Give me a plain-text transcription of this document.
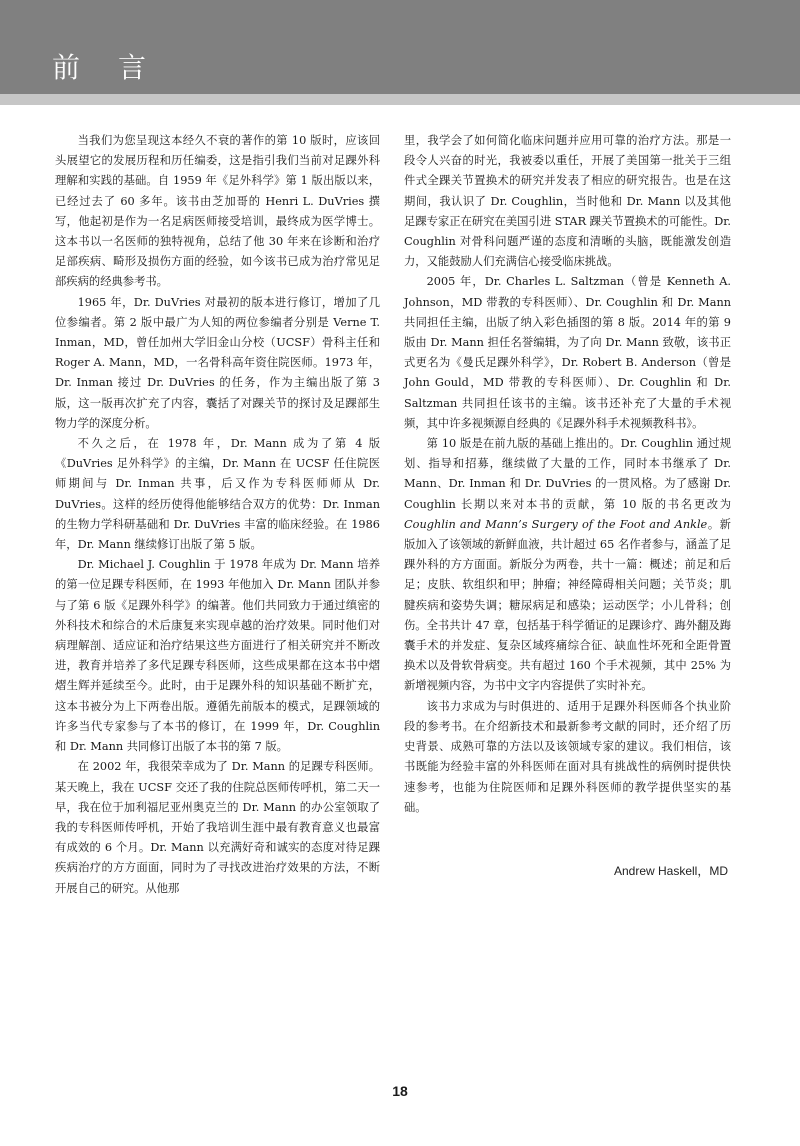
前言

当我们为您呈现这本经久不衰的著作的第 10 版时，应该回头展望它的发展历程和历任编委，这是指引我们当前对足踝外科理解和实践的基础。自 1959 年《足外科学》第 1 版出版以来，已经过去了 60 多年。该书由芝加哥的 Henri L. DuVries 撰写，他起初是作为一名足病医师接受培训，最终成为医学博士。这本书以一名医师的独特视角，总结了他 30 年来在诊断和治疗足部疾病、畸形及损伤方面的经验，如今该书已成为治疗常见足部疾病的经典参考书。

1965 年，Dr. DuVries 对最初的版本进行修订，增加了几位参编者。第 2 版中最广为人知的两位参编者分别是 Verne T. Inman，MD，曾任加州大学旧金山分校（UCSF）骨科主任和 Roger A. Mann，MD，一名骨科高年资住院医师。1973 年，Dr. Inman 接过 Dr. DuVries 的任务，作为主编出版了第 3 版，这一版再次扩充了内容，囊括了对踝关节的探讨及足踝部生物力学的深度分析。

不久之后，在 1978 年，Dr. Mann 成为了第 4 版《DuVries 足外科学》的主编，Dr. Mann 在 UCSF 任住院医师期间与 Dr. Inman 共事，后又作为专科医师师从 Dr. DuVries。这样的经历使得他能够结合双方的优势：Dr. Inman 的生物力学科研基础和 Dr. DuVries 丰富的临床经验。在 1986 年，Dr. Mann 继续修订出版了第 5 版。

Dr. Michael J. Coughlin 于 1978 年成为 Dr. Mann 培养的第一位足踝专科医师，在 1993 年他加入 Dr. Mann 团队并参与了第 6 版《足踝外科学》的编著。他们共同致力于通过缜密的外科技术和综合的术后康复来实现卓越的治疗效果。同时他们对病理解剖、适应证和治疗结果这些方面进行了相关研究并不断改进，教育并培养了多代足踝专科医师，这些成果都在这本书中熠熠生辉并延续至今。此时，由于足踝外科的知识基础不断扩充，这本书被分为上下两卷出版。遵循先前版本的模式，足踝领域的许多当代专家参与了本书的修订，在 1999 年，Dr. Coughlin 和 Dr. Mann 共同修订出版了本书的第 7 版。

在 2002 年，我很荣幸成为了 Dr. Mann 的足踝专科医师。某天晚上，我在 UCSF 交还了我的住院总医师传呼机，第二天一早，我在位于加利福尼亚州奥克兰的 Dr. Mann 的办公室领取了我的专科医师传呼机，开始了我培训生涯中最有教育意义也最富有成效的 6 个月。Dr. Mann 以充满好奇和诚实的态度对待足踝疾病治疗的方方面面，同时为了寻找改进治疗效果的方法，不断开展自己的研究。从他那

里，我学会了如何简化临床问题并应用可靠的治疗方法。那是一段令人兴奋的时光，我被委以重任，开展了美国第一批关于三组件式全踝关节置换术的研究并发表了相应的研究报告。也是在这期间，我认识了 Dr. Coughlin，当时他和 Dr. Mann 以及其他足踝专家正在研究在美国引进 STAR 踝关节置换术的可能性。Dr. Coughlin 对骨科问题严谨的态度和清晰的头脑，既能激发创造力，又能鼓励人们充满信心接受临床挑战。

2005 年，Dr. Charles L. Saltzman（曾是 Kenneth A. Johnson，MD 带教的专科医师）、Dr. Coughlin 和 Dr. Mann 共同担任主编，出版了纳入彩色插图的第 8 版。2014 年的第 9 版由 Dr. Mann 担任名誉编辑，为了向 Dr. Mann 致敬，该书正式更名为《曼氏足踝外科学》，Dr. Robert B. Anderson（曾是 John Gould，MD 带教的专科医师）、Dr. Coughlin 和 Dr. Saltzman 共同担任该书的主编。该书还补充了大量的手术视频，其中许多视频源自经典的《足踝外科手术视频教科书》。

第 10 版是在前九版的基础上推出的。Dr. Coughlin 通过规划、指导和招募，继续做了大量的工作，同时本书继承了 Dr. Mann、Dr. Inman 和 Dr. DuVries 的一贯风格。为了感谢 Dr. Coughlin 长期以来对本书的贡献，第 10 版的书名更改为 Coughlin and Mann’s Surgery of the Foot and Ankle。新版加入了该领域的新鲜血液，共计超过 65 名作者参与，涵盖了足踝外科的方方面面。新版分为两卷，共十一篇：概述；前足和后足；皮肤、软组织和甲；肿瘤；神经障碍相关问题；关节炎；肌腱疾病和姿势失调；糖尿病足和感染；运动医学；小儿骨科；创伤。全书共计 47 章，包括基于科学循证的足踝诊疗、踇外翻及踇囊手术的并发症、复杂区域疼痛综合征、缺血性坏死和全距骨置换术以及骨软骨病变。共有超过 160 个手术视频，其中 25% 为新增视频内容，为书中文字内容提供了实时补充。

该书力求成为与时俱进的、适用于足踝外科医师各个执业阶段的参考书。在介绍新技术和最新参考文献的同时，还介绍了历史背景、成熟可靠的方法以及该领域专家的建议。我们相信，该书既能为经验丰富的外科医师在面对具有挑战性的病例时提供快速参考，也能为住院医师和足踝外科医师的教学提供坚实的基础。

Andrew Haskell，MD
18
